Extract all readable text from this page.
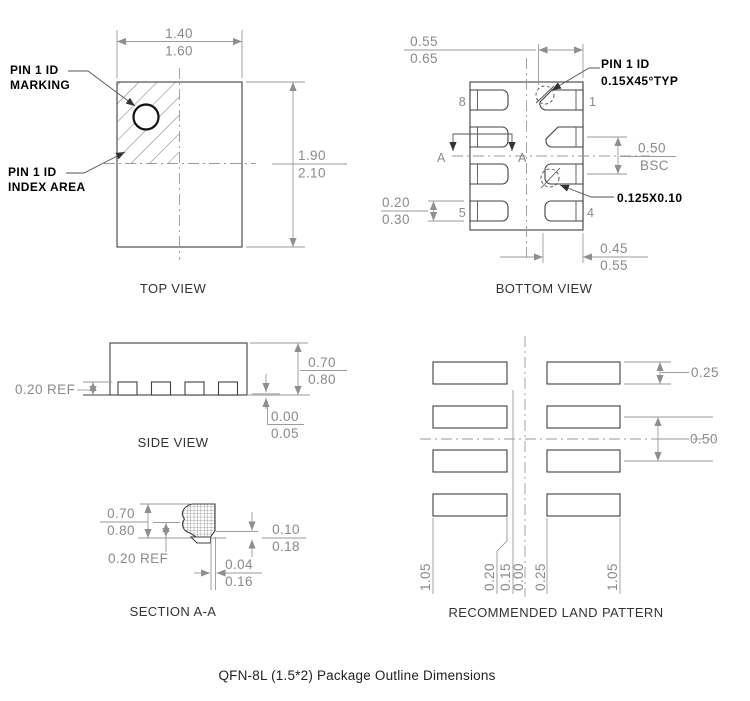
1.40
1.60
1.90
2.10
PIN 1 ID
MARKING
PIN 1 ID
INDEX AREA
TOP VIEW
8	1
5	4
A	A
0.55
0.65
0.50
BSC
0.20
0.30
0.45
0.55
PIN 1 ID
0.15X45°TYP
0.125X0.10
BOTTOM VIEW
0.20 REF
0.70
0.80
0.00
0.05
SIDE VIEW
0.70
0.80
0.20 REF
0.10
0.18
0.04
0.16
SECTION A-A
1.05	0.20 0.15
0.00 0.25	1.05
0.25
0.50
RECOMMENDED LAND PATTERN
QFN-8L (1.5*2) Package Outline Dimensions
